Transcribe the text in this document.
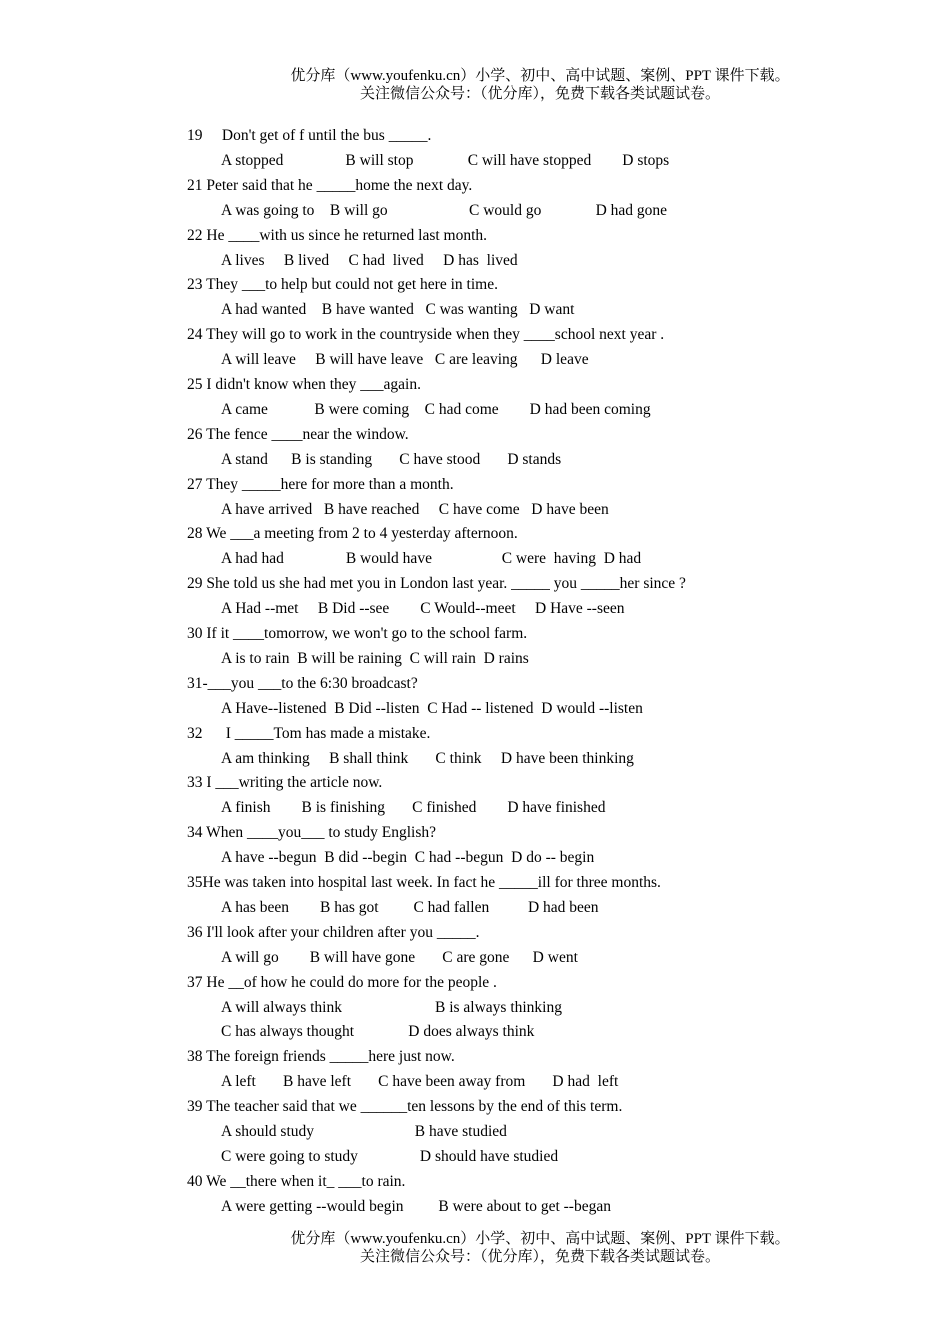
优分库（www.youfenku.cn）小学、初中、高中试题、案例、PPT 课件下载。
关注微信公众号：（优分库），免费下载各类试题试卷。
19     Don't get of f until the bus _____.
A stopped                B will stop              C will have stopped        D stops
21 Peter said that he _____home the next day.
A was going to    B will go                     C would go              D had gone
22 He ____with us since he returned last month.
A lives     B lived     C had  lived     D has  lived
23 They ___to help but could not get here in time.
A had wanted    B have wanted   C was wanting   D want
24 They will go to work in the countryside when they ____school next year .
A will leave     B will have leave   C are leaving      D leave
25 I didn't know when they ___again.
A came            B were coming    C had come        D had been coming
26 The fence ____near the window.
A stand      B is standing       C have stood       D stands
27 They _____here for more than a month.
A have arrived   B have reached     C have come   D have been
28 We ___a meeting from 2 to 4 yesterday afternoon.
A had had                B would have                  C were  having  D had
29 She told us she had met you in London last year. _____ you _____her since ?
A Had --met     B Did --see        C Would--meet     D Have --seen
30 If it ____tomorrow, we won't go to the school farm.
A is to rain  B will be raining  C will rain  D rains
31-___you ___to the 6:30 broadcast?
A Have--listened  B Did --listen  C Had -- listened  D would --listen
32      I _____Tom has made a mistake.
A am thinking     B shall think       C think     D have been thinking
33 I ___writing the article now.
A finish        B is finishing       C finished        D have finished
34 When ____you___ to study English?
A have --begun  B did --begin  C had --begun  D do -- begin
35He was taken into hospital last week. In fact he _____ill for three months.
A has been        B has got         C had fallen          D had been
36 I'll look after your children after you _____.
A will go        B will have gone       C are gone      D went
37 He __of how he could do more for the people .
A will always think                        B is always thinking
C has always thought              D does always think
38 The foreign friends _____here just now.
A left       B have left       C have been away from       D had  left
39 The teacher said that we ______ten lessons by the end of this term.
A should study                          B have studied
C were going to study                D should have studied
40 We __there when it_ ___to rain.
A were getting --would begin         B were about to get --began
优分库（www.youfenku.cn）小学、初中、高中试题、案例、PPT 课件下载。
关注微信公众号：（优分库），免费下载各类试题试卷。
